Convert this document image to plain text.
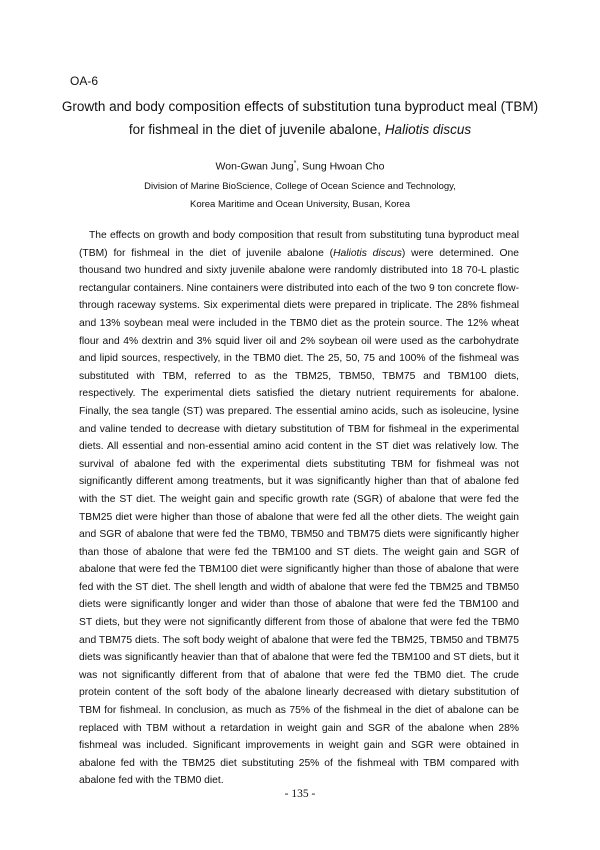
OA-6
Growth and body composition effects of substitution tuna byproduct meal (TBM) for fishmeal in the diet of juvenile abalone, Haliotis discus
Won-Gwan Jung*, Sung Hwoan Cho
Division of Marine BioScience, College of Ocean Science and Technology,
Korea Maritime and Ocean University, Busan, Korea

The effects on growth and body composition that result from substituting tuna byproduct meal (TBM) for fishmeal in the diet of juvenile abalone (Haliotis discus) were determined. One thousand two hundred and sixty juvenile abalone were randomly distributed into 18 70-L plastic rectangular containers. Nine containers were distributed into each of the two 9 ton concrete flow-through raceway systems. Six experimental diets were prepared in triplicate. The 28% fishmeal and 13% soybean meal were included in the TBM0 diet as the protein source. The 12% wheat flour and 4% dextrin and 3% squid liver oil and 2% soybean oil were used as the carbohydrate and lipid sources, respectively, in the TBM0 diet. The 25, 50, 75 and 100% of the fishmeal was substituted with TBM, referred to as the TBM25, TBM50, TBM75 and TBM100 diets, respectively. The experimental diets satisfied the dietary nutrient requirements for abalone. Finally, the sea tangle (ST) was prepared. The essential amino acids, such as isoleucine, lysine and valine tended to decrease with dietary substitution of TBM for fishmeal in the experimental diets. All essential and non-essential amino acid content in the ST diet was relatively low. The survival of abalone fed with the experimental diets substituting TBM for fishmeal was not significantly different among treatments, but it was significantly higher than that of abalone fed with the ST diet. The weight gain and specific growth rate (SGR) of abalone that were fed the TBM25 diet were higher than those of abalone that were fed all the other diets. The weight gain and SGR of abalone that were fed the TBM0, TBM50 and TBM75 diets were significantly higher than those of abalone that were fed the TBM100 and ST diets. The weight gain and SGR of abalone that were fed the TBM100 diet were significantly higher than those of abalone that were fed with the ST diet. The shell length and width of abalone that were fed the TBM25 and TBM50 diets were significantly longer and wider than those of abalone that were fed the TBM100 and ST diets, but they were not significantly different from those of abalone that were fed the TBM0 and TBM75 diets. The soft body weight of abalone that were fed the TBM25, TBM50 and TBM75 diets was significantly heavier than that of abalone that were fed the TBM100 and ST diets, but it was not significantly different from that of abalone that were fed the TBM0 diet. The crude protein content of the soft body of the abalone linearly decreased with dietary substitution of TBM for fishmeal. In conclusion, as much as 75% of the fishmeal in the diet of abalone can be replaced with TBM without a retardation in weight gain and SGR of the abalone when 28% fishmeal was included. Significant improvements in weight gain and SGR were obtained in abalone fed with the TBM25 diet substituting 25% of the fishmeal with TBM compared with abalone fed with the TBM0 diet.

- 135 -
